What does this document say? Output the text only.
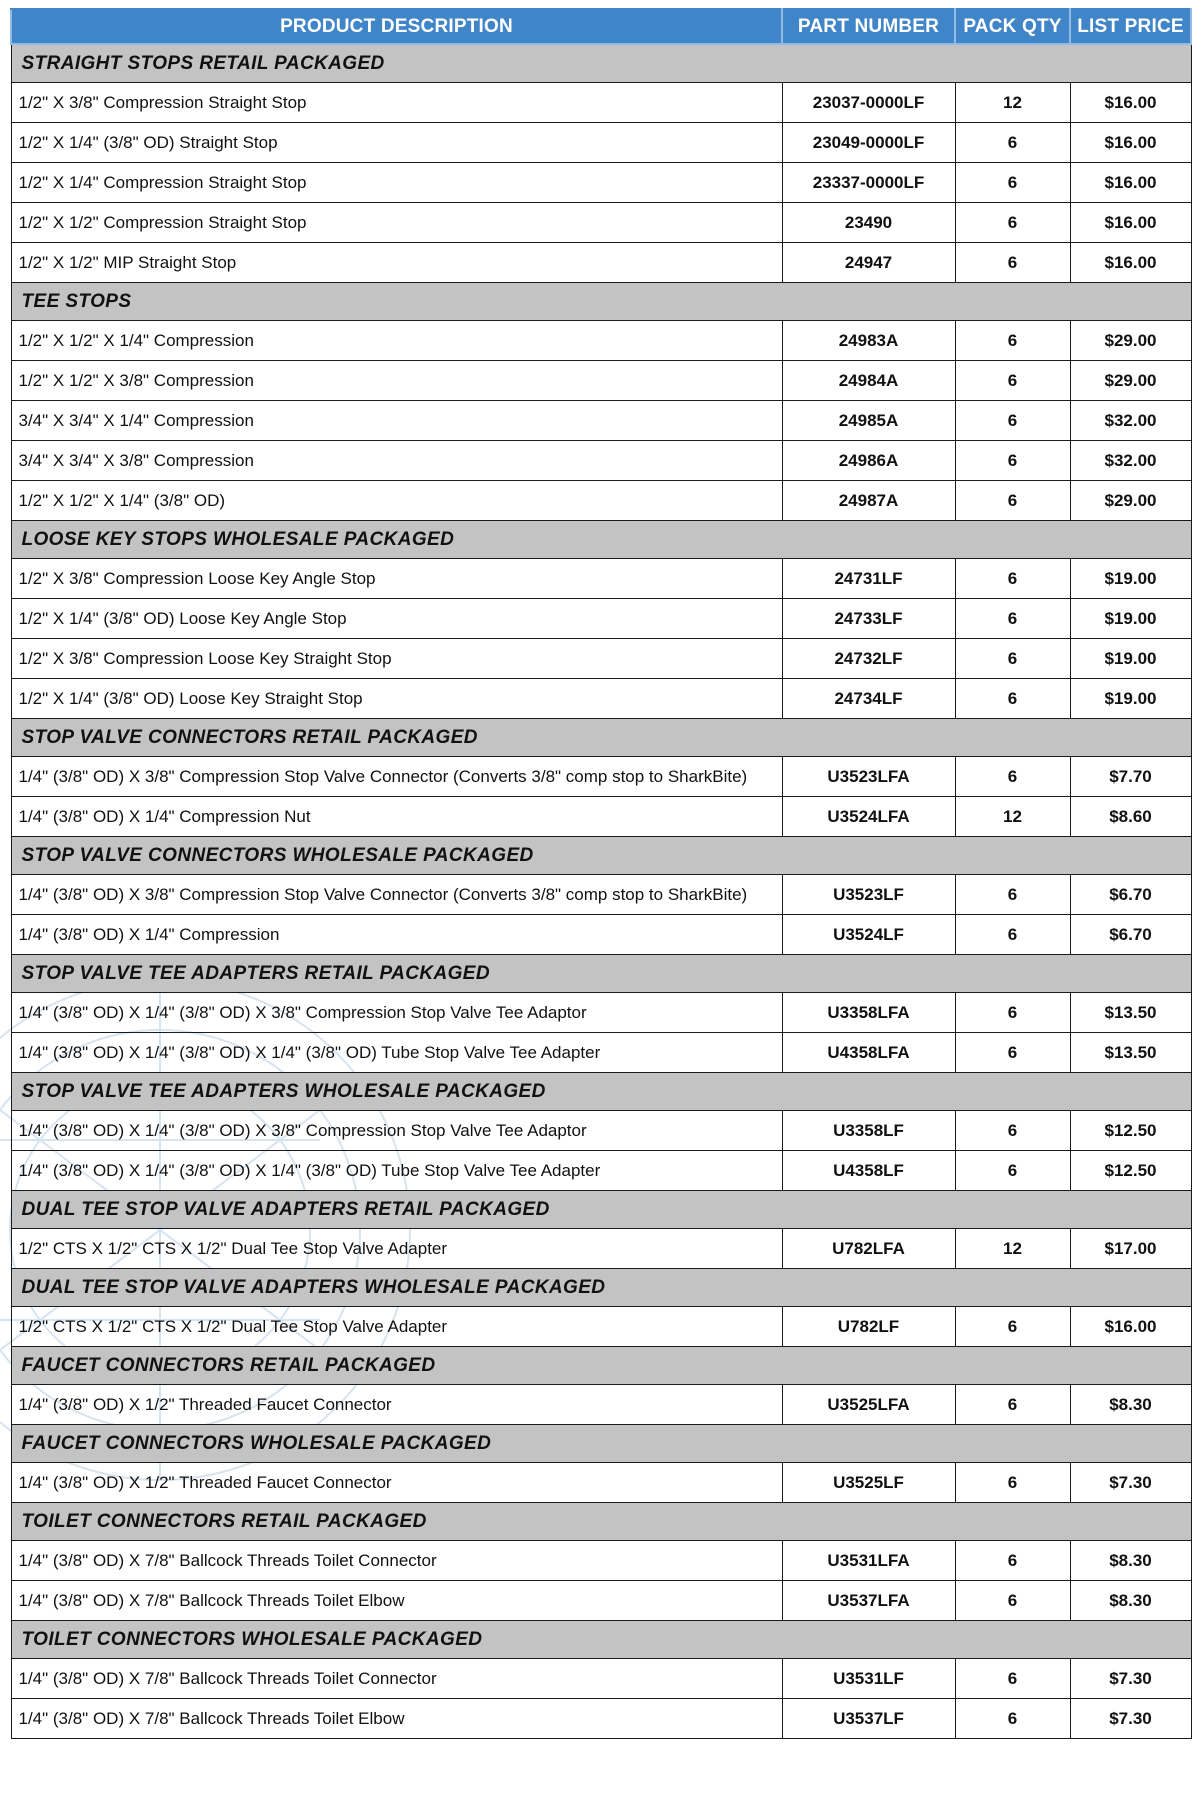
PRODUCT DESCRIPTION	PART NUMBER	PACK QTY	LIST PRICE
STRAIGHT STOPS RETAIL PACKAGED			
1/2" X 3/8" Compression Straight Stop	23037-0000LF	12	$16.00
1/2" X 1/4" (3/8" OD) Straight Stop	23049-0000LF	6	$16.00
1/2" X 1/4" Compression Straight Stop	23337-0000LF	6	$16.00
1/2" X 1/2" Compression Straight Stop	23490	6	$16.00
1/2" X 1/2" MIP Straight Stop	24947	6	$16.00
TEE STOPS			
1/2" X 1/2" X 1/4" Compression	24983A	6	$29.00
1/2" X 1/2" X 3/8" Compression	24984A	6	$29.00
3/4" X 3/4" X 1/4" Compression	24985A	6	$32.00
3/4" X 3/4" X 3/8" Compression	24986A	6	$32.00
1/2" X 1/2" X 1/4" (3/8" OD)	24987A	6	$29.00
LOOSE KEY STOPS WHOLESALE PACKAGED			
1/2" X 3/8" Compression Loose Key Angle Stop	24731LF	6	$19.00
1/2" X 1/4" (3/8" OD) Loose Key Angle Stop	24733LF	6	$19.00
1/2" X 3/8" Compression Loose Key Straight Stop	24732LF	6	$19.00
1/2" X 1/4" (3/8" OD) Loose Key Straight Stop	24734LF	6	$19.00
STOP VALVE CONNECTORS RETAIL PACKAGED			
1/4" (3/8" OD) X 3/8" Compression Stop Valve Connector (Converts 3/8" comp stop to SharkBite)	U3523LFA	6	$7.70
1/4" (3/8" OD) X 1/4" Compression Nut	U3524LFA	12	$8.60
STOP VALVE CONNECTORS WHOLESALE PACKAGED			
1/4" (3/8" OD) X 3/8" Compression Stop Valve Connector (Converts 3/8" comp stop to SharkBite)	U3523LF	6	$6.70
1/4" (3/8" OD) X 1/4" Compression	U3524LF	6	$6.70
STOP VALVE TEE ADAPTERS RETAIL PACKAGED			
1/4" (3/8" OD) X 1/4" (3/8" OD) X 3/8" Compression Stop Valve Tee Adaptor	U3358LFA	6	$13.50
1/4" (3/8" OD) X 1/4" (3/8" OD) X 1/4" (3/8" OD) Tube Stop Valve Tee Adapter	U4358LFA	6	$13.50
STOP VALVE TEE ADAPTERS WHOLESALE PACKAGED			
1/4" (3/8" OD) X 1/4" (3/8" OD) X 3/8" Compression Stop Valve Tee Adaptor	U3358LF	6	$12.50
1/4" (3/8" OD) X 1/4" (3/8" OD) X 1/4" (3/8" OD) Tube Stop Valve Tee Adapter	U4358LF	6	$12.50
DUAL TEE STOP VALVE ADAPTERS RETAIL PACKAGED			
1/2" CTS X 1/2" CTS X 1/2" Dual Tee Stop Valve Adapter	U782LFA	12	$17.00
DUAL TEE STOP VALVE ADAPTERS WHOLESALE PACKAGED			
1/2" CTS X 1/2" CTS X 1/2" Dual Tee Stop Valve Adapter	U782LF	6	$16.00
FAUCET CONNECTORS RETAIL PACKAGED			
1/4" (3/8" OD) X 1/2" Threaded Faucet Connector	U3525LFA	6	$8.30
FAUCET CONNECTORS WHOLESALE PACKAGED			
1/4" (3/8" OD) X 1/2" Threaded Faucet Connector	U3525LF	6	$7.30
TOILET CONNECTORS RETAIL PACKAGED			
1/4" (3/8" OD) X 7/8" Ballcock Threads Toilet Connector	U3531LFA	6	$8.30
1/4" (3/8" OD) X 7/8" Ballcock Threads Toilet Elbow	U3537LFA	6	$8.30
TOILET CONNECTORS WHOLESALE PACKAGED			
1/4" (3/8" OD) X 7/8" Ballcock Threads Toilet Connector	U3531LF	6	$7.30
1/4" (3/8" OD) X 7/8" Ballcock Threads Toilet Elbow	U3537LF	6	$7.30
